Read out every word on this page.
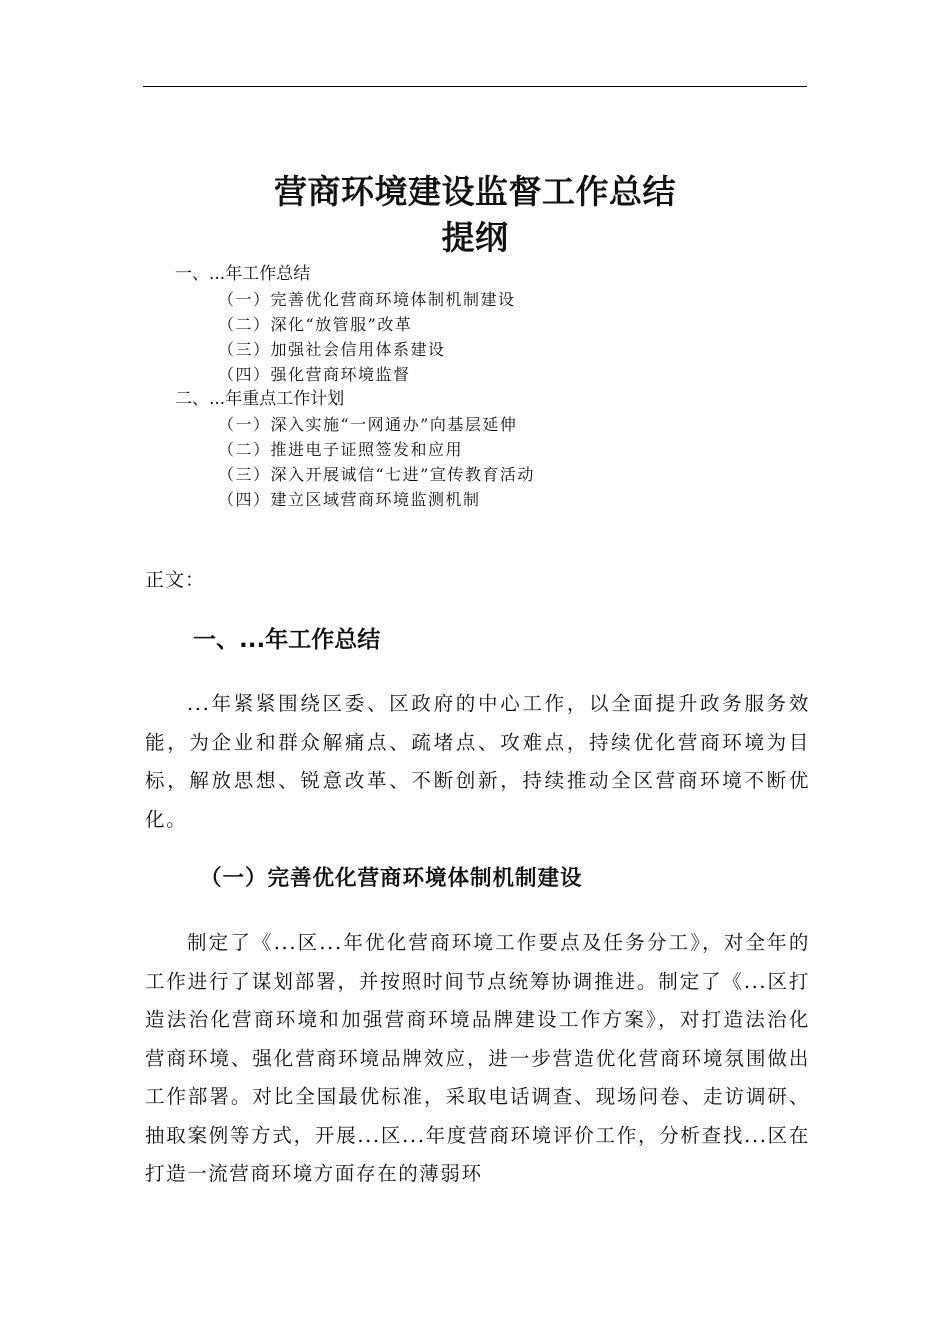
营商环境建设监督工作总结
提纲
一、...年工作总结
（一）完善优化营商环境体制机制建设
（二）深化“放管服”改革
（三）加强社会信用体系建设
（四）强化营商环境监督
二、...年重点工作计划
（一）深入实施“一网通办”向基层延伸
（二）推进电子证照签发和应用
（三）深入开展诚信“七进”宣传教育活动
（四）建立区域营商环境监测机制
正文：
一、...年工作总结

...年紧紧围绕区委、区政府的中心工作，以全面提升政务服务效能，为企业和群众解痛点、疏堵点、攻难点，持续优化营商环境为目标，解放思想、锐意改革、不断创新，持续推动全区营商环境不断优化。

（一）完善优化营商环境体制机制建设

制定了《...区...年优化营商环境工作要点及任务分工》，对全年的工作进行了谋划部署，并按照时间节点统筹协调推进。制定了《...区打造法治化营商环境和加强营商环境品牌建设工作方案》，对打造法治化营商环境、强化营商环境品牌效应，进一步营造优化营商环境氛围做出工作部署。对比全国最优标准，采取电话调查、现场问卷、走访调研、抽取案例等方式，开展...区...年度营商环境评价工作，分析查找...区在打造一流营商环境方面存在的薄弱环
